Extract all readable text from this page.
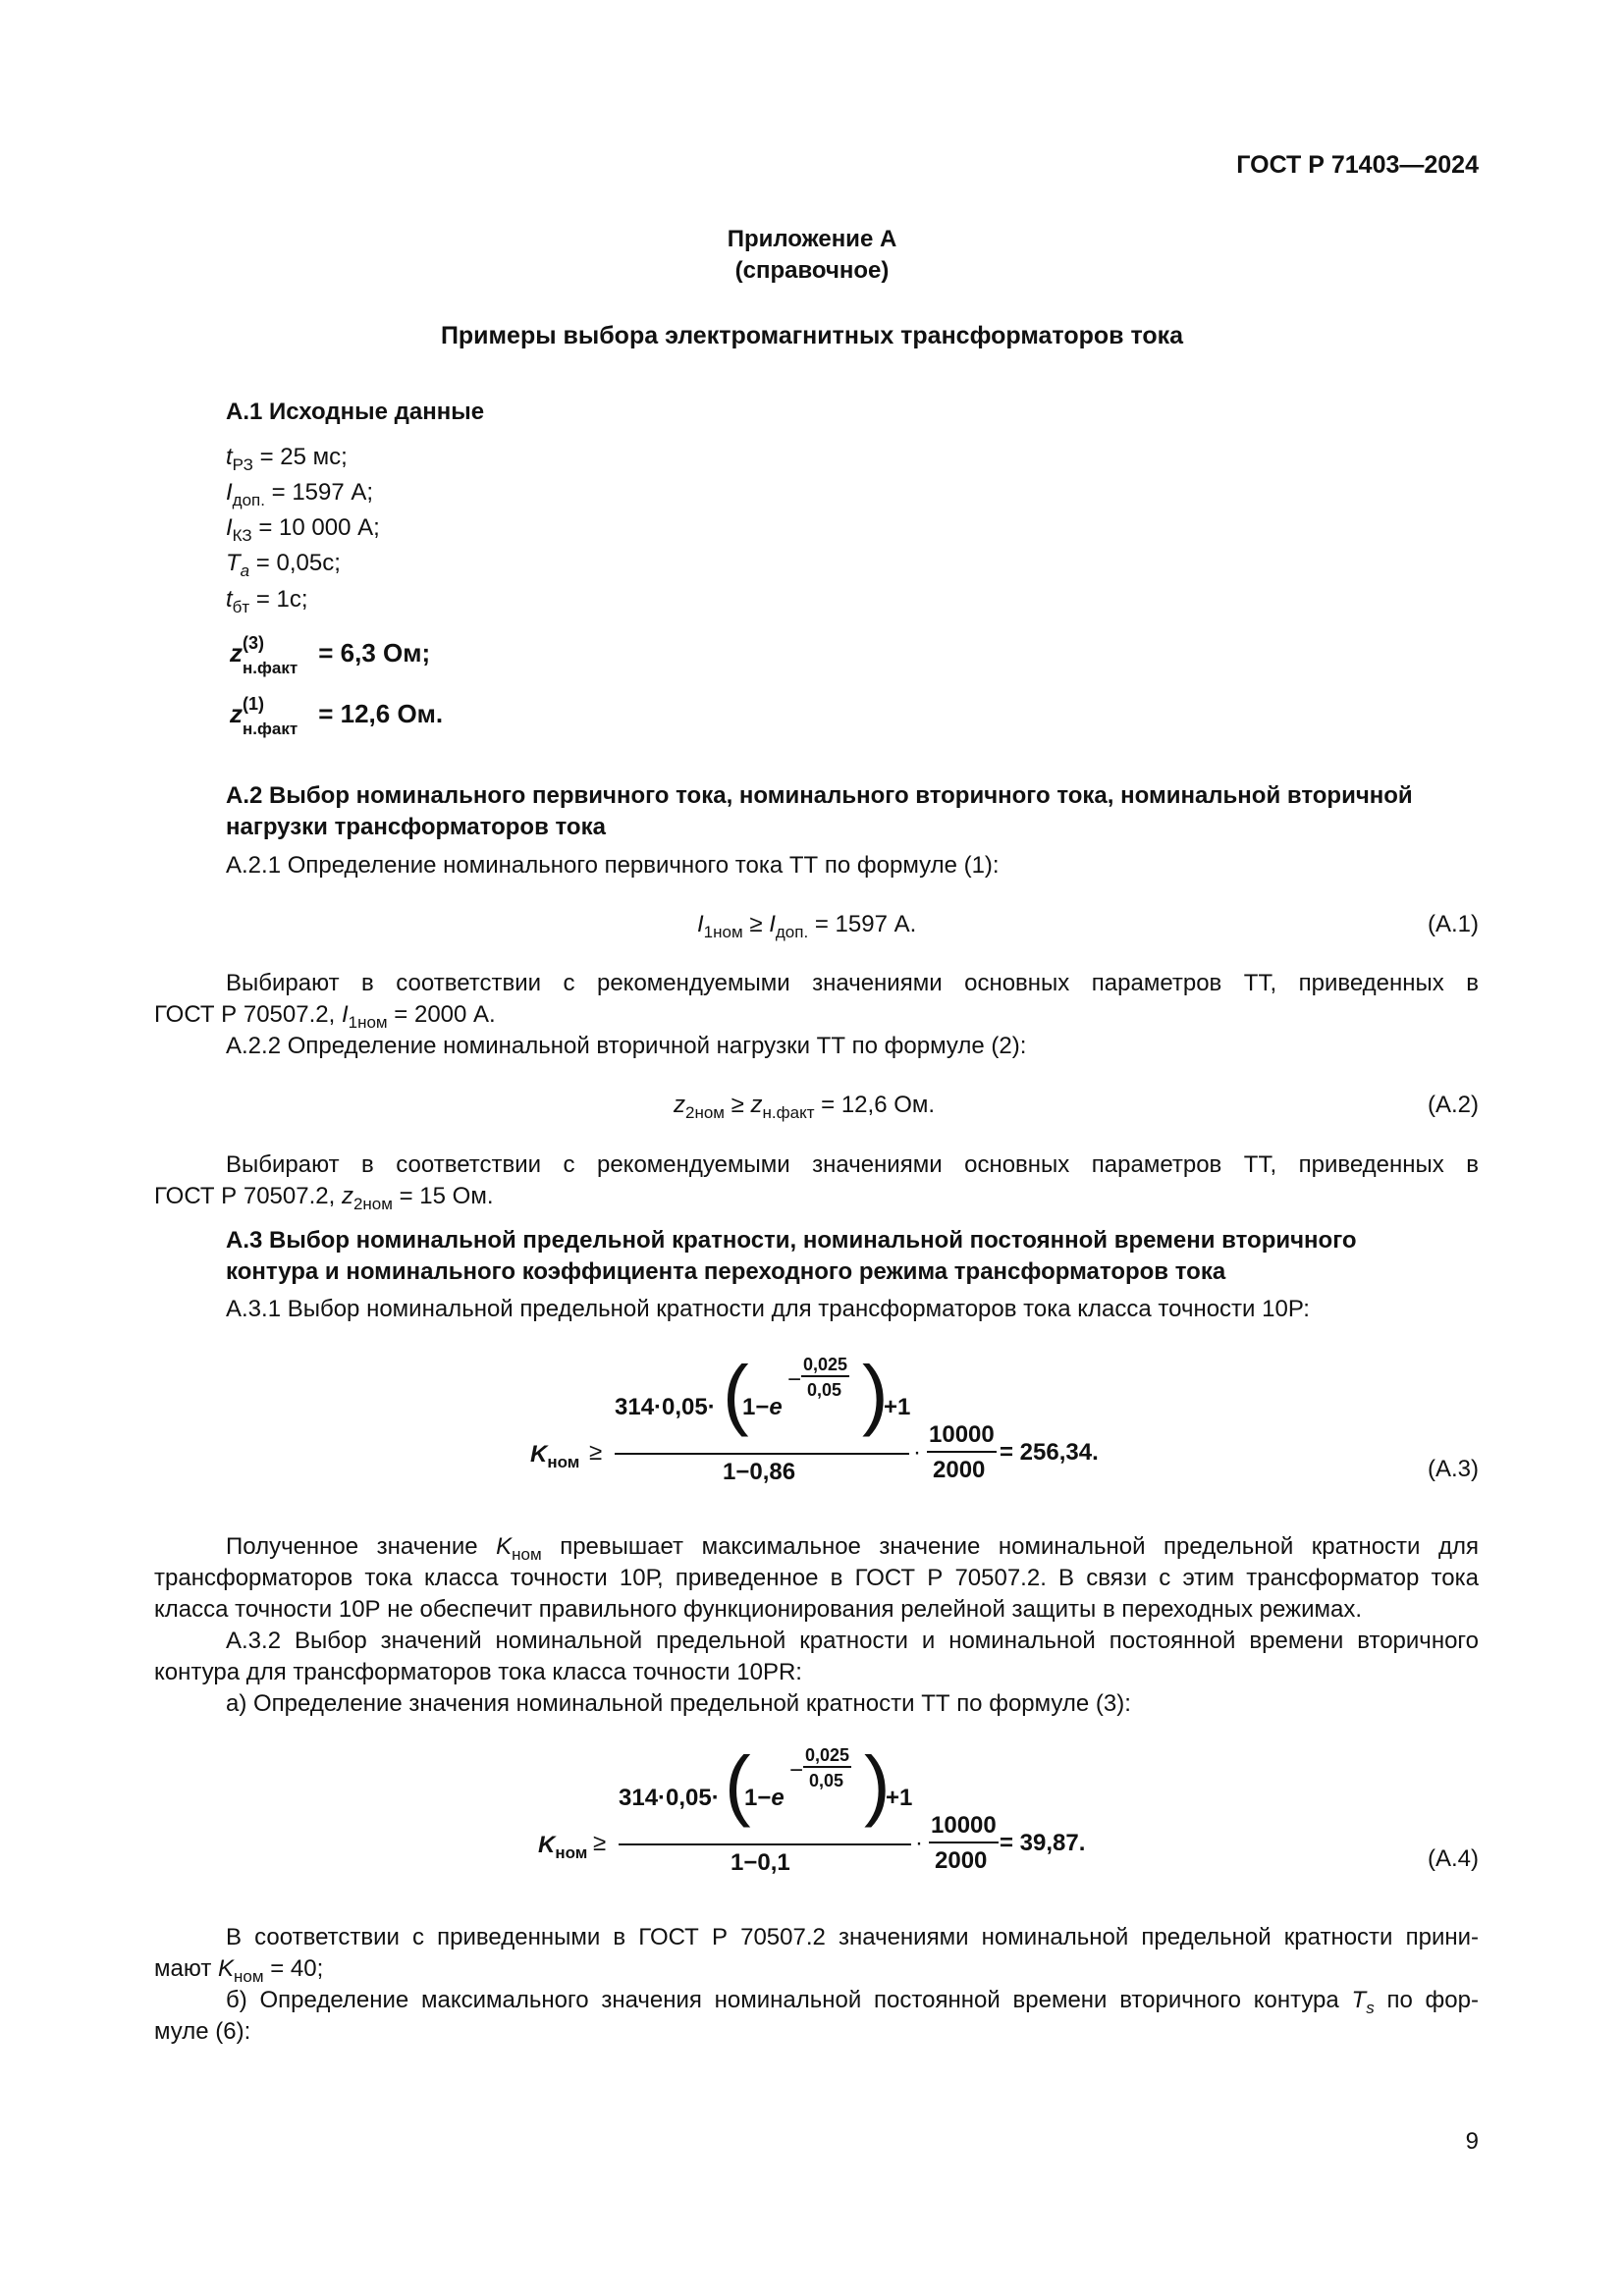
ГОСТ Р 71403—2024
Приложение А
(справочное)
Примеры выбора электромагнитных трансформаторов тока
А.1 Исходные данные
$t_{РЗ} = 25$ мс;
$I_{доп.} = 1597$ А;
$I_{КЗ} = 10$ 000 А;
$T_a = 0,05с$;
$t_{бт} = 1с$;
z (3)
н.факт
= 6,3 Ом;
z (1)
н.факт
= 12,6 Ом.
А.2 Выбор номинального первичного тока, номинального вторичного тока, номинальной вторичной
нагрузки трансформаторов тока
А.2.1 Определение номинального первичного тока ТТ по формуле (1):
$I_{1ном} \ge I_{доп.} = 1597$ А.	(А.1)
Выбирают в соответствии с рекомендуемыми значениями основных параметров ТТ, приведенных в
ГОСТ Р 70507.2, $I_{1ном} = 2000$ А.
А.2.2 Определение номинальной вторичной нагрузки ТТ по формуле (2):
$z_{2ном} \ge z_{н.факт} = 12,6$ Ом.	(А.2)
Выбирают в соответствии с рекомендуемыми значениями основных параметров ТТ, приведенных в
ГОСТ Р 70507.2, $z_{2ном} = 15$ Ом.
А.3 Выбор номинальной предельной кратности, номинальной постоянной времени вторичного
контура и номинального коэффициента переходного режима трансформаторов тока
А.3.1 Выбор номинальной предельной кратности для трансформаторов тока класса точности 10Р:
$K_{ном}$ ≥
314·0,05· (
1−e
−
0,025
0,05 )
+1
1−0,86
·
10000
2000
= 256,34.
(А.3)
Полученное значение $K_{ном}$ превышает максимальное значение номинальной предельной кратности для
трансформаторов тока класса точности 10Р, приведенное в ГОСТ Р 70507.2. В связи с этим трансформатор тока
класса точности 10Р не обеспечит правильного функционирования релейной защиты в переходных режимах.
А.3.2 Выбор значений номинальной предельной кратности и номинальной постоянной времени вторичного
контура для трансформаторов тока класса точности 10PR:
а) Определение значения номинальной предельной кратности ТТ по формуле (3):
$K_{ном}$ ≥
314·0,05· (
1−e
−
0,025
0,05 )
+1
1−0,1
·
10000
2000
= 39,87.
(А.4)
В соответствии с приведенными в ГОСТ Р 70507.2 значениями номинальной предельной кратности прини-
мают $K_{ном} = 40$;
б) Определение максимального значения номинальной постоянной времени вторичного контура $T_s$ по фор-
муле (6):
9
